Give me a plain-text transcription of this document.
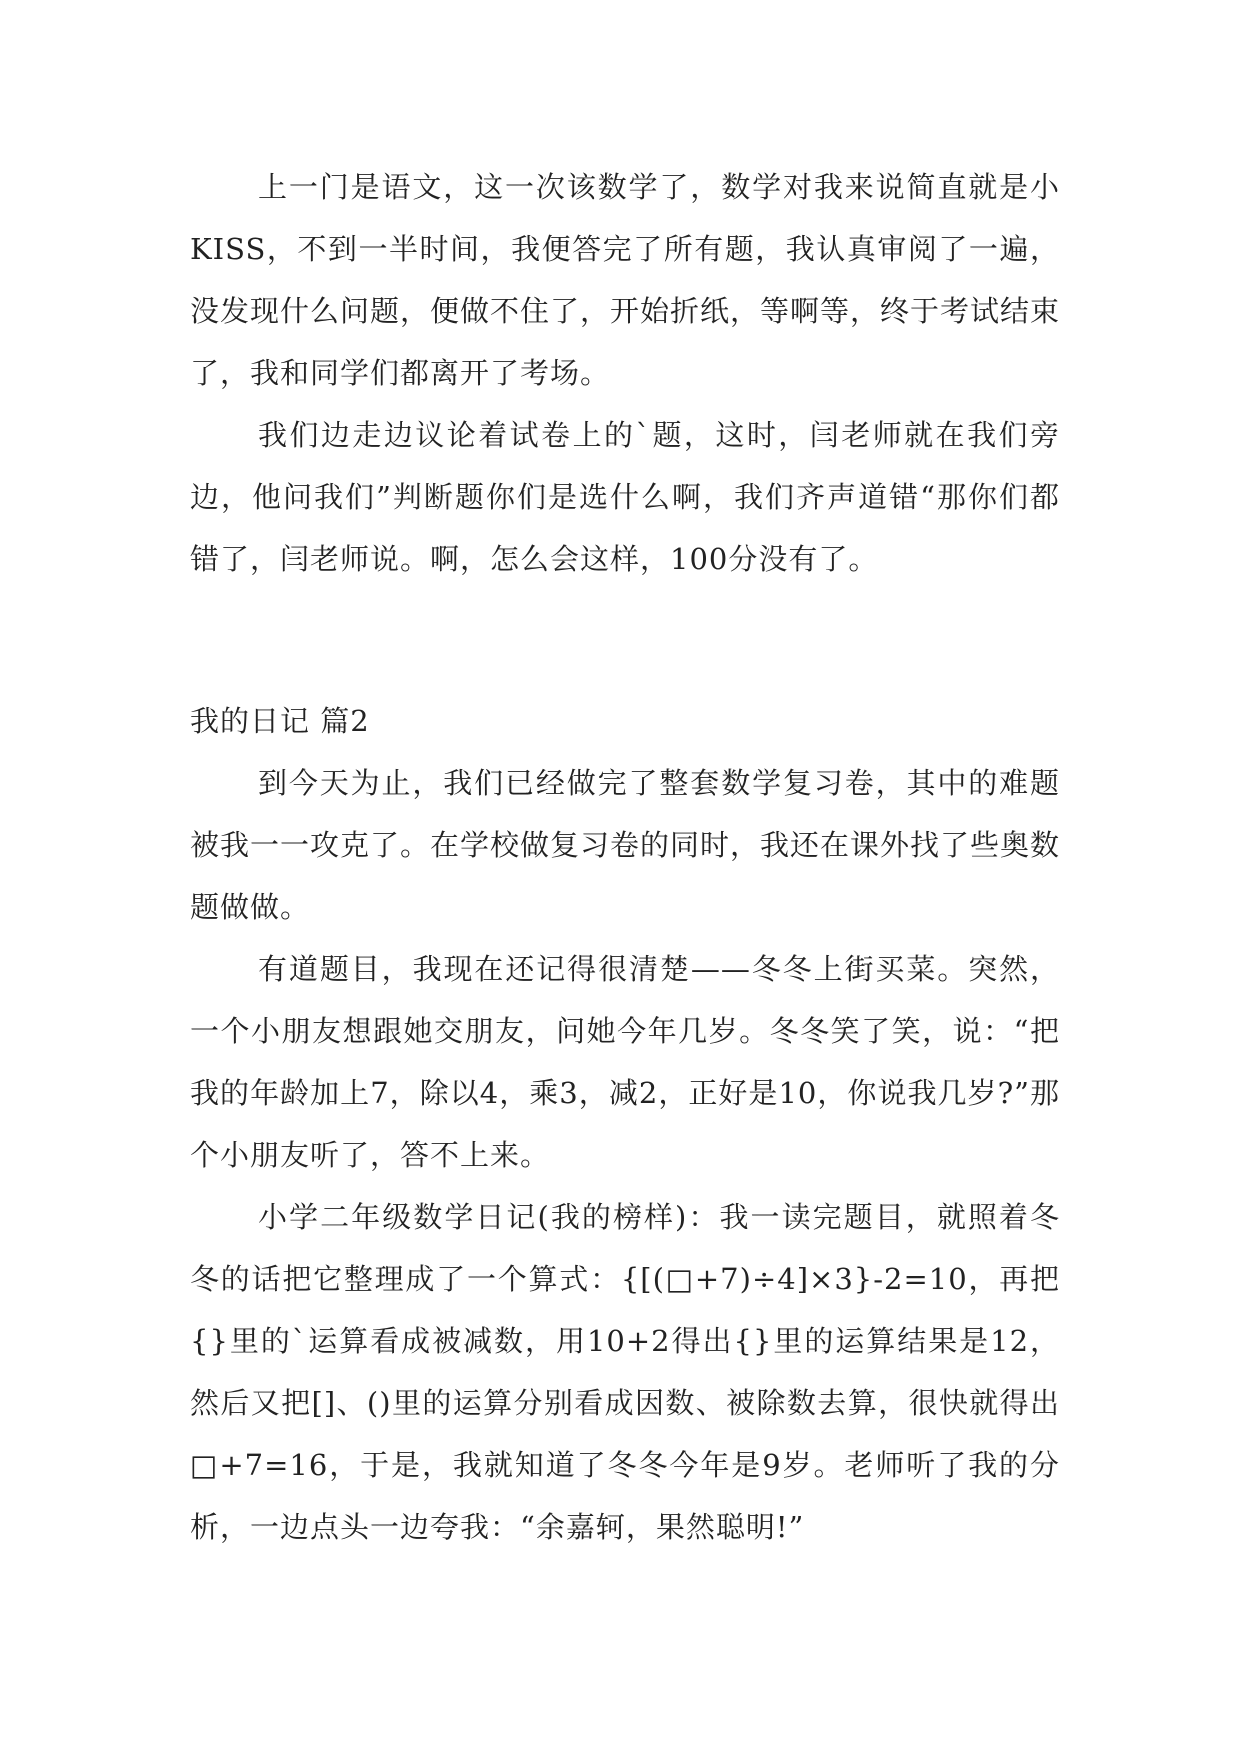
上一门是语文，这一次该数学了，数学对我来说简直就是小KISS，不到一半时间，我便答完了所有题，我认真审阅了一遍，没发现什么问题，便做不住了，开始折纸，等啊等，终于考试结束了，我和同学们都离开了考场。

我们边走边议论着试卷上的`题，这时，闫老师就在我们旁边，他问我们”判断题你们是选什么啊，我们齐声道错“那你们都错了，闫老师说。啊，怎么会这样，100分没有了。

我的日记 篇2

到今天为止，我们已经做完了整套数学复习卷，其中的难题被我一一攻克了。在学校做复习卷的同时，我还在课外找了些奥数题做做。

有道题目，我现在还记得很清楚——冬冬上街买菜。突然，一个小朋友想跟她交朋友，问她今年几岁。冬冬笑了笑，说：“把我的年龄加上7，除以4，乘3，减2，正好是10，你说我几岁?”那个小朋友听了，答不上来。

小学二年级数学日记(我的榜样)：我一读完题目，就照着冬冬的话把它整理成了一个算式：{[(□+7)÷4]×3}-2=10，再把{}里的`运算看成被减数，用10+2得出{}里的运算结果是12，然后又把[]、()里的运算分别看成因数、被除数去算，很快就得出□+7=16，于是，我就知道了冬冬今年是9岁。老师听了我的分析，一边点头一边夸我：“余嘉轲，果然聪明!”
